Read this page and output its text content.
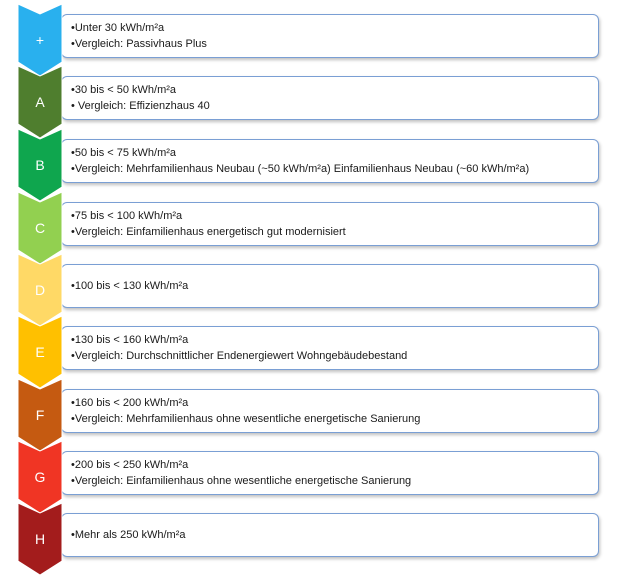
•Unter 30 kWh/m²a
•Vergleich: Passivhaus Plus
+
•30 bis < 50 kWh/m²a
• Vergleich: Effizienzhaus 40
A
•50 bis < 75 kWh/m²a
•Vergleich: Mehrfamilienhaus Neubau (~50 kWh/m²a) Einfamilienhaus Neubau (~60 kWh/m²a)
B
•75 bis < 100 kWh/m²a
•Vergleich: Einfamilienhaus energetisch gut modernisiert
C
•100 bis < 130 kWh/m²a
D
•130 bis < 160 kWh/m²a
•Vergleich: Durchschnittlicher Endenergiewert Wohngebäudebestand
E
•160 bis < 200 kWh/m²a
•Vergleich: Mehrfamilienhaus ohne wesentliche energetische Sanierung
F
•200 bis < 250 kWh/m²a
•Vergleich: Einfamilienhaus ohne wesentliche energetische Sanierung
G
•Mehr als 250 kWh/m²a
H
